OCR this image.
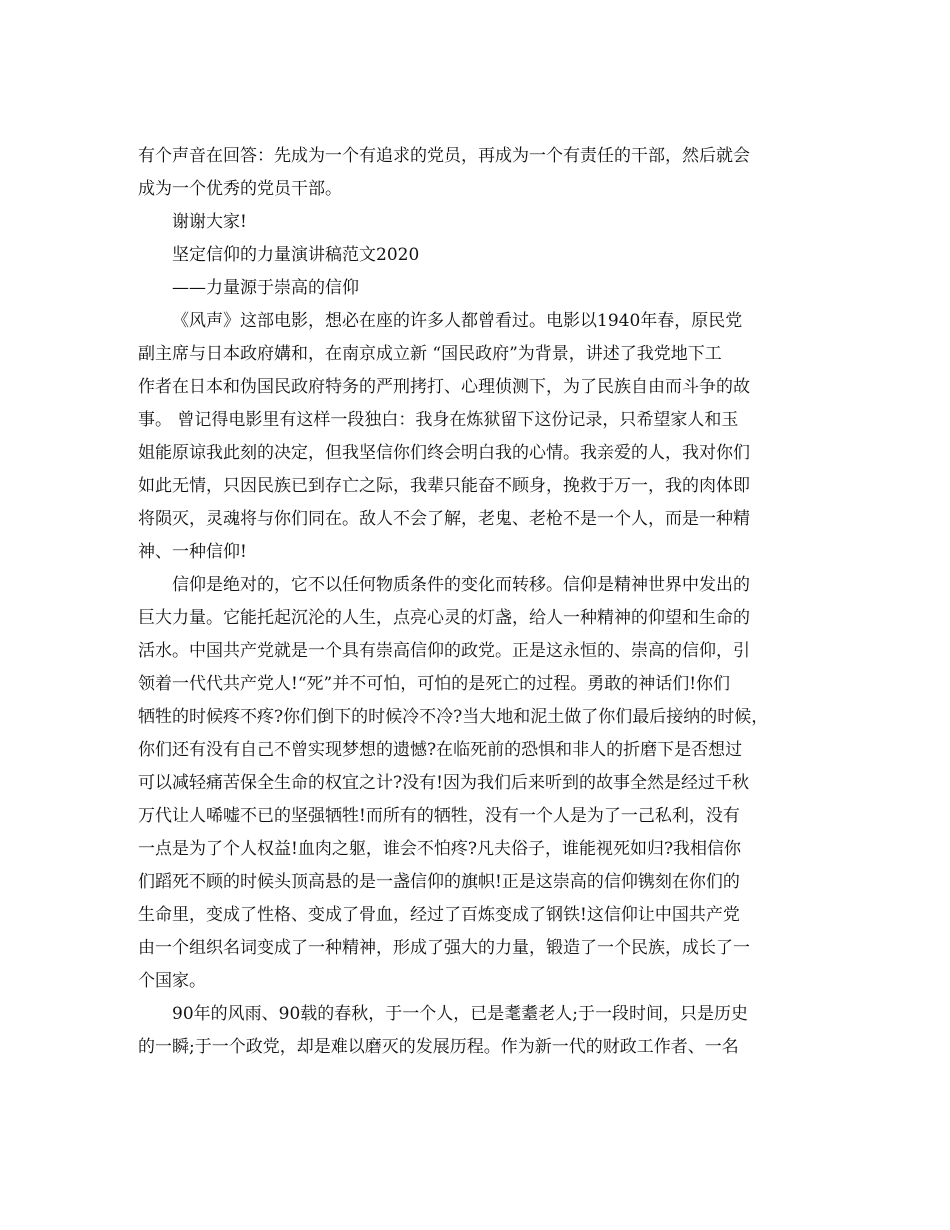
有个声音在回答：先成为一个有追求的党员，再成为一个有责任的干部，然后就会
成为一个优秀的党员干部。
谢谢大家!
坚定信仰的力量演讲稿范文2020
——力量源于崇高的信仰
《风声》这部电影，想必在座的许多人都曾看过。电影以1940年春，原民党
副主席与日本政府媾和，在南京成立新 “国民政府”为背景，讲述了我党地下工
作者在日本和伪国民政府特务的严刑拷打、心理侦测下，为了民族自由而斗争的故
事。 曾记得电影里有这样一段独白：我身在炼狱留下这份记录，只希望家人和玉
姐能原谅我此刻的决定，但我坚信你们终会明白我的心情。我亲爱的人，我对你们
如此无情，只因民族已到存亡之际，我辈只能奋不顾身，挽救于万一，我的肉体即
将陨灭，灵魂将与你们同在。敌人不会了解，老鬼、老枪不是一个人，而是一种精
神、一种信仰!
信仰是绝对的，它不以任何物质条件的变化而转移。信仰是精神世界中发出的
巨大力量。它能托起沉沦的人生，点亮心灵的灯盏，给人一种精神的仰望和生命的
活水。中国共产党就是一个具有崇高信仰的政党。正是这永恒的、崇高的信仰，引
领着一代代共产党人!“死”并不可怕，可怕的是死亡的过程。勇敢的神话们!你们
牺牲的时候疼不疼?你们倒下的时候冷不冷?当大地和泥土做了你们最后接纳的时候，
你们还有没有自己不曾实现梦想的遗憾?在临死前的恐惧和非人的折磨下是否想过
可以减轻痛苦保全生命的权宜之计?没有!因为我们后来听到的故事全然是经过千秋
万代让人唏嘘不已的坚强牺牲!而所有的牺牲，没有一个人是为了一己私利，没有
一点是为了个人权益!血肉之躯，谁会不怕疼?凡夫俗子，谁能视死如归?我相信你
们蹈死不顾的时候头顶高悬的是一盏信仰的旗帜!正是这崇高的信仰镌刻在你们的
生命里，变成了性格、变成了骨血，经过了百炼变成了钢铁!这信仰让中国共产党
由一个组织名词变成了一种精神，形成了强大的力量，锻造了一个民族，成长了一
个国家。
90年的风雨、90载的春秋，于一个人，已是耄耋老人;于一段时间，只是历史
的一瞬;于一个政党，却是难以磨灭的发展历程。作为新一代的财政工作者、一名
